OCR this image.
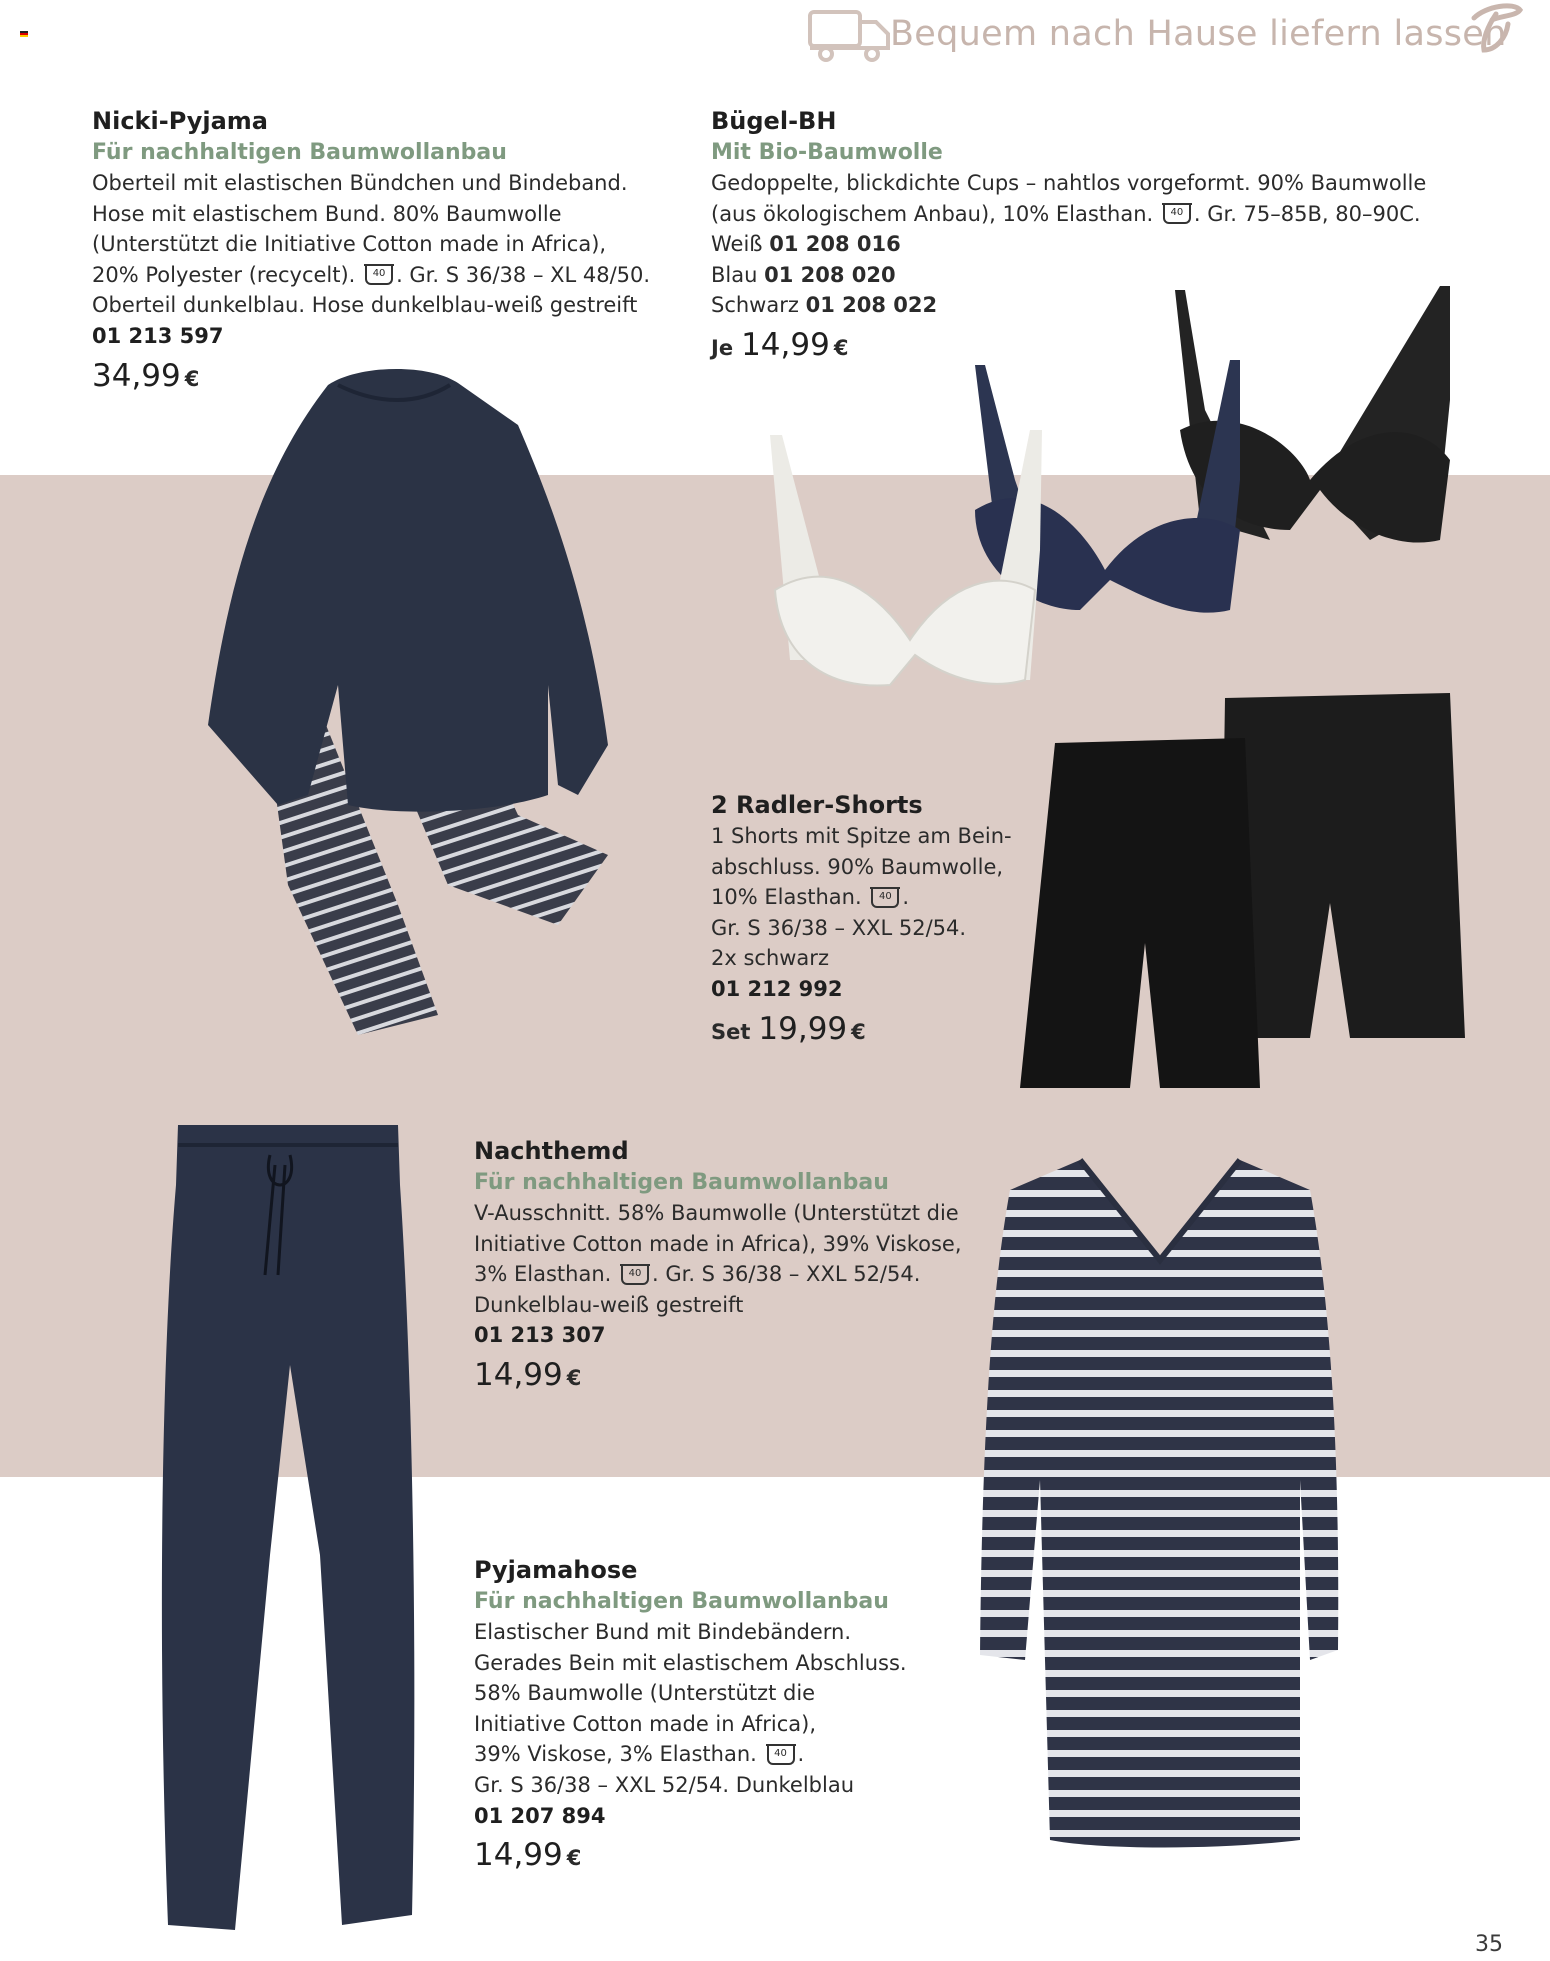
Bequem nach Hause liefern lassen
Nicki-Pyjama
Für nachhaltigen Baumwollanbau
Oberteil mit elastischen Bündchen und Bindeband.
Hose mit elastischem Bund. 80% Baumwolle
(Unterstützt die Initiative Cotton made in Africa),
20% Polyester (recycelt). 40 . Gr. S 36/38 – XL 48/50.
Oberteil dunkelblau. Hose dunkelblau-weiß gestreift
01 213 597
34,99 €
Bügel-BH
Mit Bio-Baumwolle
Gedoppelte, blickdichte Cups – nahtlos vorgeformt. 90% Baumwolle
(aus ökologischem Anbau), 10% Elasthan. 40 . Gr. 75–85B, 80–90C.
Weiß 01 208 016
Blau 01 208 020
Schwarz 01 208 022
Je 14,99 €
2 Radler-Shorts
1 Shorts mit Spitze am Bein-
abschluss. 90% Baumwolle,
10% Elasthan. 40 .
Gr. S 36/38 – XXL 52/54.
2x schwarz
01 212 992
Set 19,99 €
Nachthemd
Für nachhaltigen Baumwollanbau
V-Ausschnitt. 58% Baumwolle (Unterstützt die
Initiative Cotton made in Africa), 39% Viskose,
3% Elasthan. 40 . Gr. S 36/38 – XXL 52/54.
Dunkelblau-weiß gestreift
01 213 307
14,99 €
Pyjamahose
Für nachhaltigen Baumwollanbau
Elastischer Bund mit Bindebändern.
Gerades Bein mit elastischem Abschluss.
58% Baumwolle (Unterstützt die
Initiative Cotton made in Africa),
39% Viskose, 3% Elasthan. 40 .
Gr. S 36/38 – XXL 52/54. Dunkelblau
01 207 894
14,99 €
35
